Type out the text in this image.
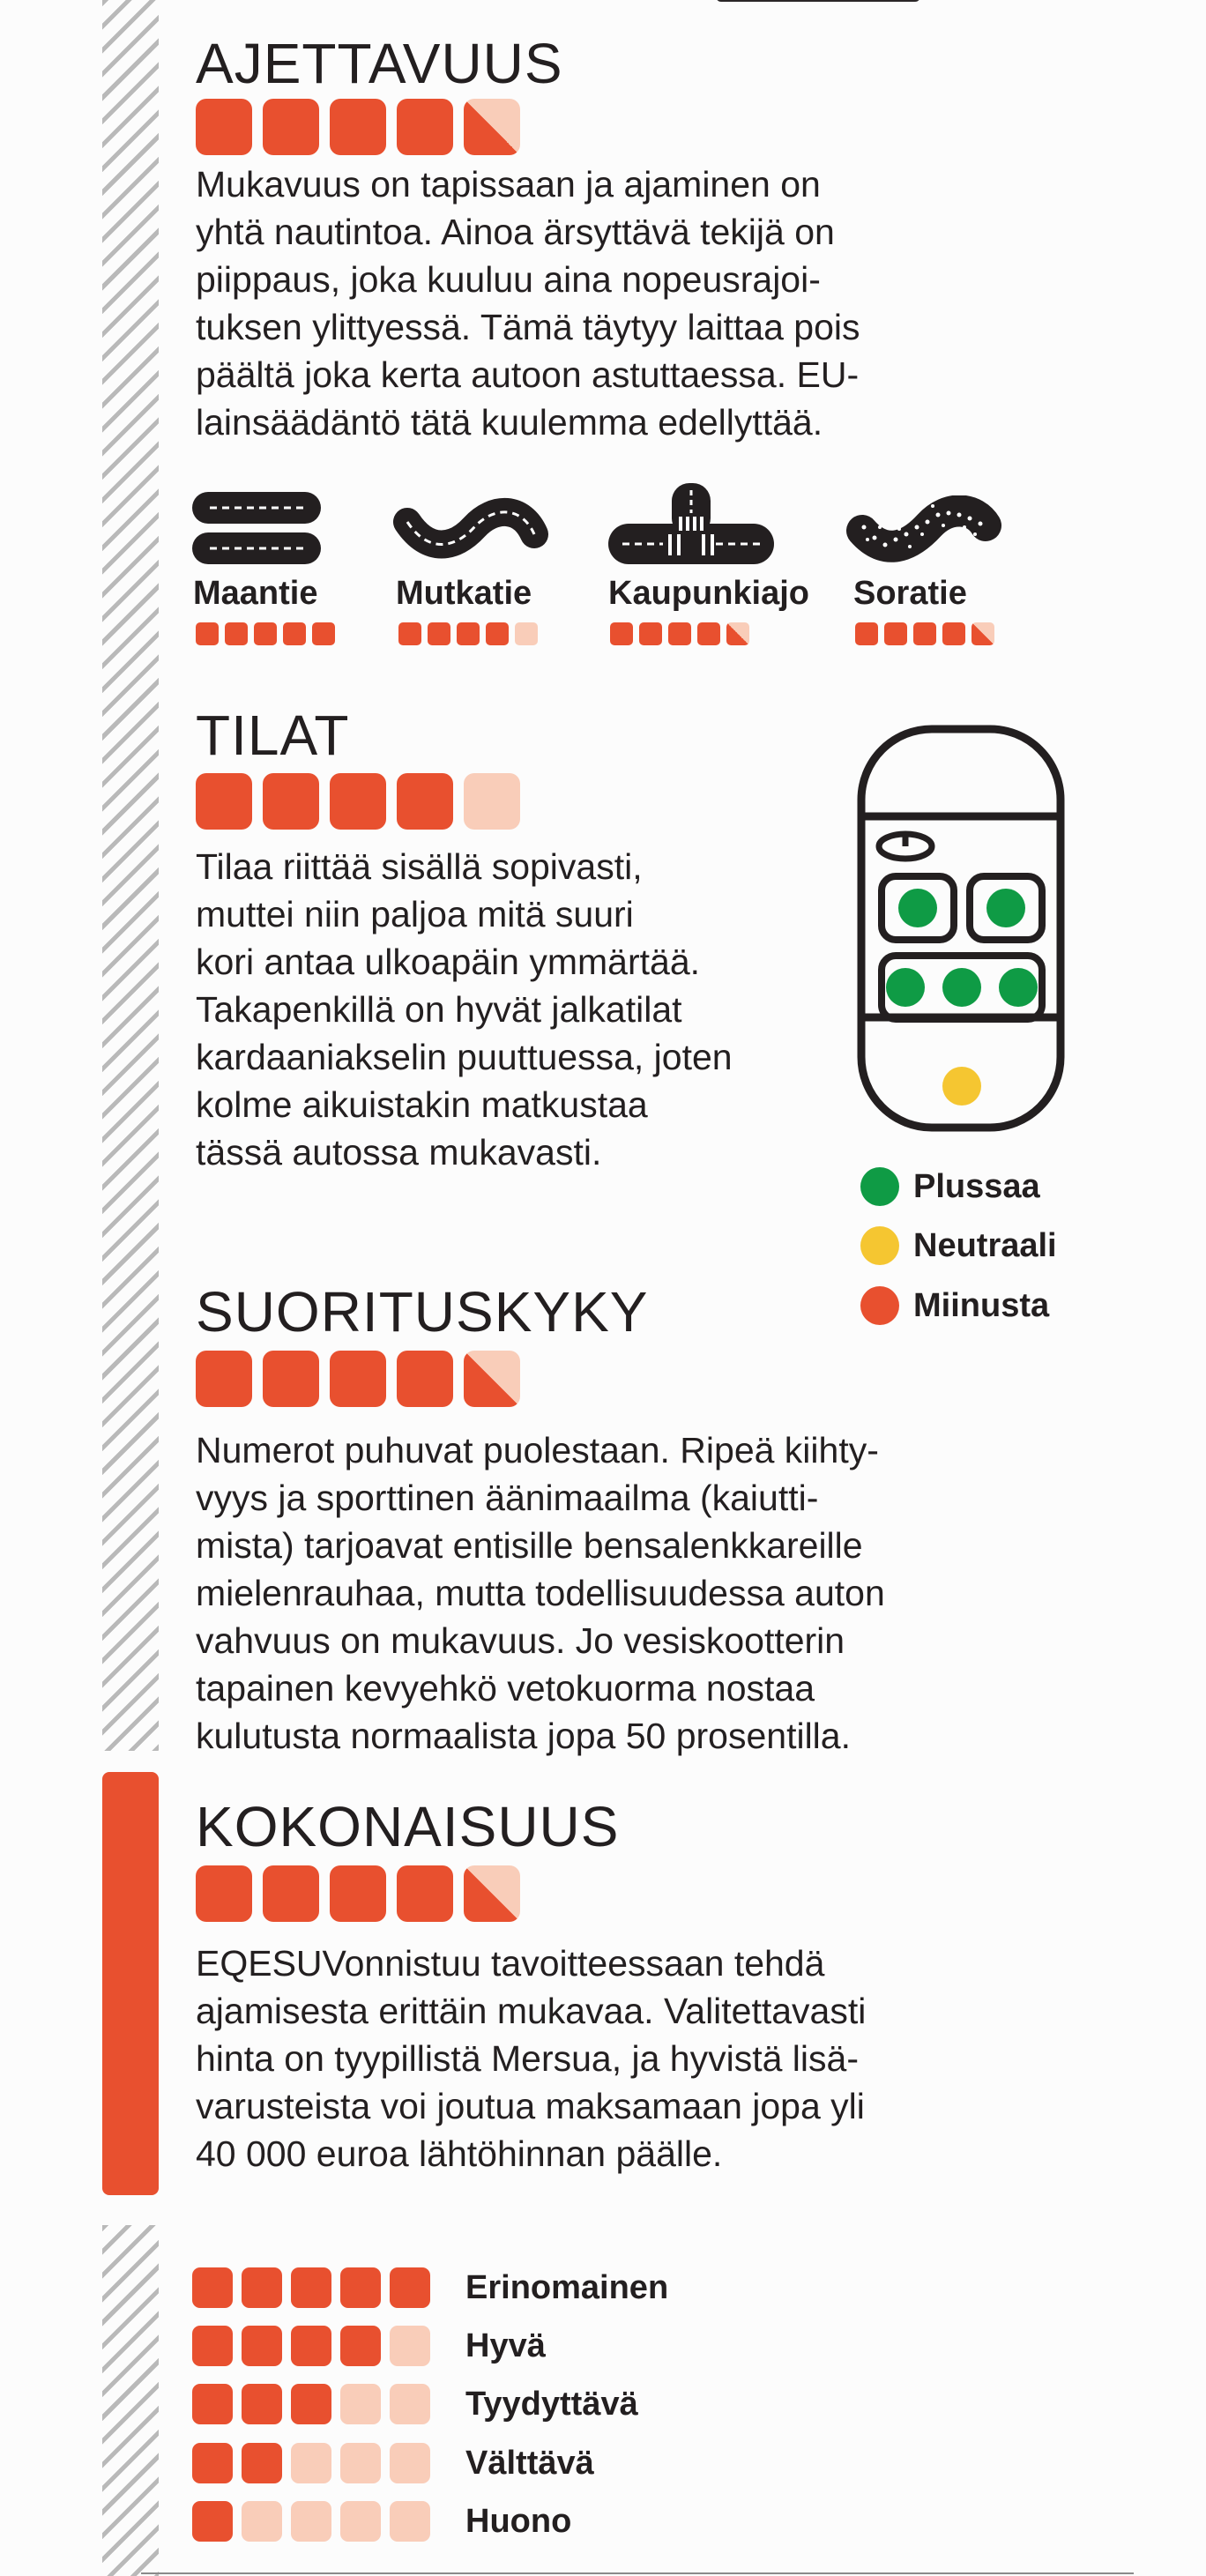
AJETTAVUUS
Mukavuus on tapissaan ja ajaminen on
yhtä nautintoa. Ainoa ärsyttävä tekijä on
piippaus, joka kuuluu aina nopeusrajoi-
tuksen ylittyessä. Tämä täytyy laittaa pois
päältä joka kerta autoon astuttaessa. EU-
lainsäädäntö tätä kuulemma edellyttää.
Maantie Mutkatie Kaupunkiajo Soratie
TILAT
Tilaa riittää sisällä sopivasti,
muttei niin paljoa mitä suuri
kori antaa ulkoapäin ymmärtää.
Takapenkillä on hyvät jalkatilat
kardaaniakselin puuttuessa, joten
kolme aikuistakin matkustaa
tässä autossa mukavasti.
Plussaa
Neutraali
Miinusta
SUORITUSKYKY
Numerot puhuvat puolestaan. Ripeä kiihty-
vyys ja sporttinen äänimaailma (kaiutti-
mista) tarjoavat entisille bensalenkkareille
mielenrauhaa, mutta todellisuudessa auton
vahvuus on mukavuus. Jo vesiskootterin
tapainen kevyehkö vetokuorma nostaa
kulutusta normaalista jopa 50 prosentilla.
KOKONAISUUS
EQESUVonnistuu tavoitteessaan tehdä
ajamisesta erittäin mukavaa. Valitettavasti
hinta on tyypillistä Mersua, ja hyvistä lisä-
varusteista voi joutua maksamaan jopa yli
40 000 euroa lähtöhinnan päälle.
Erinomainen
Hyvä
Tyydyttävä
Välttävä
Huono
